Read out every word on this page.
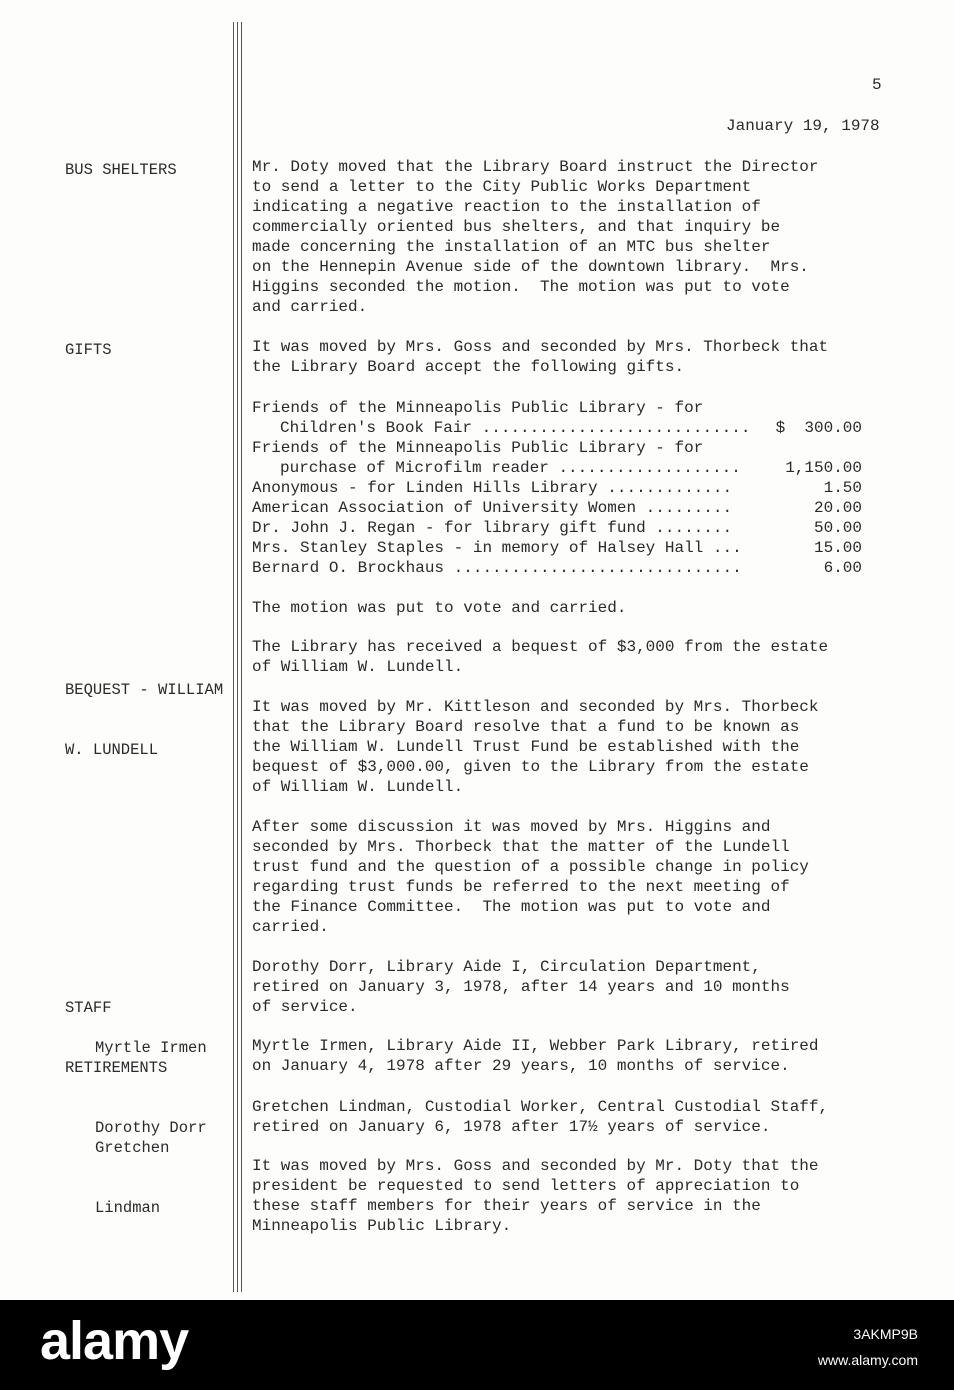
5
January 19, 1978
BUS SHELTERS	Mr. Doty moved that the Library Board instruct the Director
to send a letter to the City Public Works Department
indicating a negative reaction to the installation of
commercially oriented bus shelters, and that inquiry be
made concerning the installation of an MTC bus shelter
on the Hennepin Avenue side of the downtown library.  Mrs.
Higgins seconded the motion.  The motion was put to vote
and carried.
GIFTS	It was moved by Mrs. Goss and seconded by Mrs. Thorbeck that
the Library Board accept the following gifts.
Friends of the Minneapolis Public Library - for
Children's Book Fair ............................ $  300.00
Friends of the Minneapolis Public Library - for
purchase of Microfilm reader ...................	1,150.00
Anonymous - for Linden Hills Library .............	1.50
American Association of University Women .........	20.00
Dr. John J. Regan - for library gift fund ........	50.00
Mrs. Stanley Staples - in memory of Halsey Hall ...	15.00
Bernard O. Brockhaus ..............................	6.00
The motion was put to vote and carried.

BEQUEST - WILLIAM

W. LUNDELL

The Library has received a bequest of $3,000 from the estate
of William W. Lundell.
It was moved by Mr. Kittleson and seconded by Mrs. Thorbeck
that the Library Board resolve that a fund to be known as
the William W. Lundell Trust Fund be established with the
bequest of $3,000.00, given to the Library from the estate
of William W. Lundell.
After some discussion it was moved by Mrs. Higgins and
seconded by Mrs. Thorbeck that the matter of the Lundell
trust fund and the question of a possible change in policy
regarding trust funds be referred to the next meeting of
the Finance Committee.  The motion was put to vote and
carried.

STAFF

RETIREMENTS

Dorothy Dorr

Dorothy Dorr, Library Aide I, Circulation Department,
retired on January 3, 1978, after 14 years and 10 months
of service.
Myrtle Irmen	Myrtle Irmen, Library Aide II, Webber Park Library, retired
on January 4, 1978 after 29 years, 10 months of service.

Gretchen

Lindman

Gretchen Lindman, Custodial Worker, Central Custodial Staff,
retired on January 6, 1978 after 17½ years of service.
It was moved by Mrs. Goss and seconded by Mr. Doty that the
president be requested to send letters of appreciation to
these staff members for their years of service in the
Minneapolis Public Library.
alamy	3AKMP9B
www.alamy.com
